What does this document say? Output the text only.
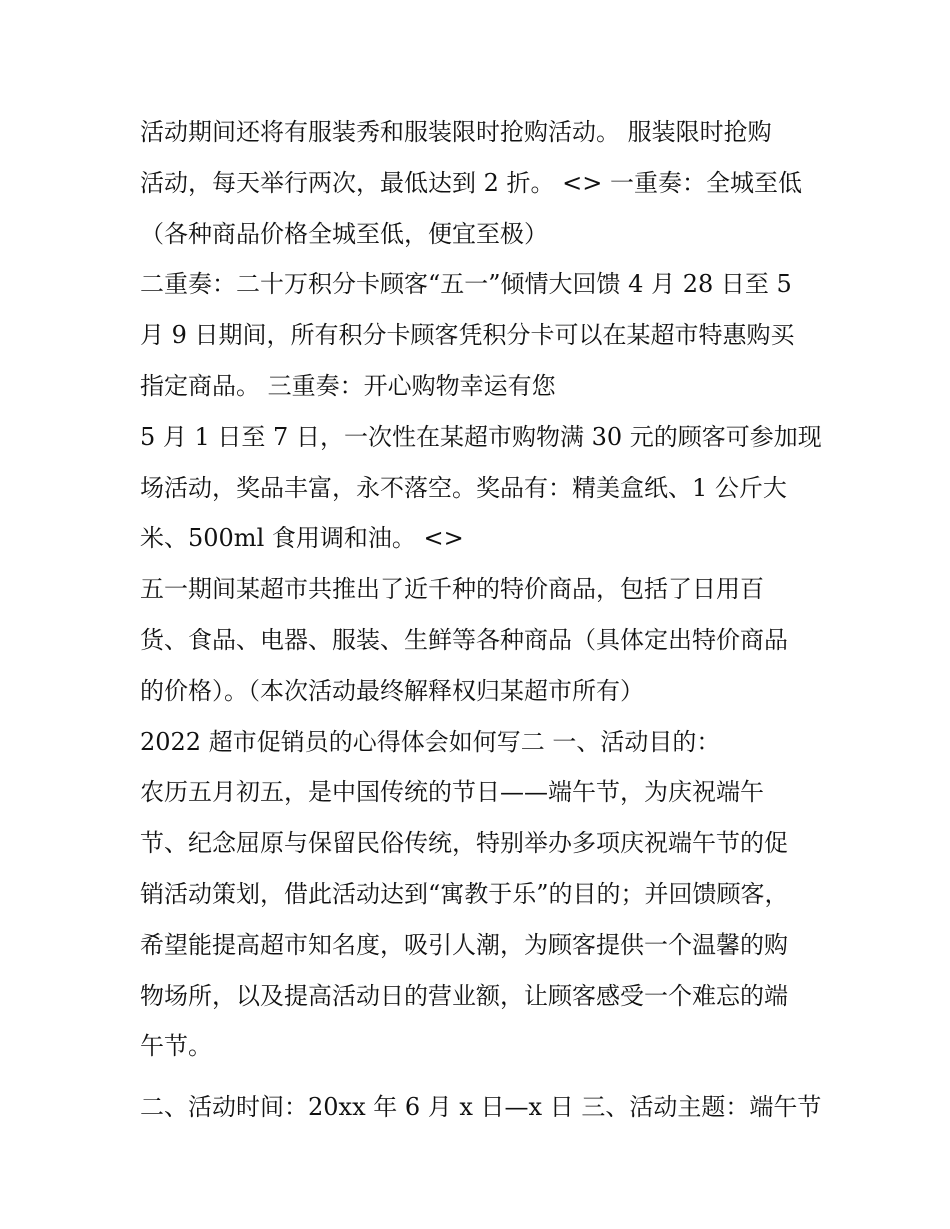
活动期间还将有服装秀和服装限时抢购活动。 服装限时抢购
活动，每天举行两次，最低达到 2 折。 <> 一重奏：全城至低
（各种商品价格全城至低，便宜至极）
二重奏：二十万积分卡顾客“五一”倾情大回馈 4 月 28 日至 5
月 9 日期间，所有积分卡顾客凭积分卡可以在某超市特惠购买
指定商品。 三重奏：开心购物幸运有您
5 月 1 日至 7 日，一次性在某超市购物满 30 元的顾客可参加现
场活动，奖品丰富，永不落空。奖品有：精美盒纸、1 公斤大
米、500ml 食用调和油。 <>
五一期间某超市共推出了近千种的特价商品，包括了日用百
货、食品、电器、服装、生鲜等各种商品（具体定出特价商品
的价格）。（本次活动最终解释权归某超市所有）
2022 超市促销员的心得体会如何写二 一、活动目的：
农历五月初五，是中国传统的节日——端午节，为庆祝端午
节、纪念屈原与保留民俗传统，特别举办多项庆祝端午节的促
销活动策划，借此活动达到“寓教于乐”的目的；并回馈顾客，
希望能提高超市知名度，吸引人潮，为顾客提供一个温馨的购
物场所，以及提高活动日的营业额，让顾客感受一个难忘的端
午节。
二、活动时间：20xx 年 6 月 x 日—x 日 三、活动主题：端午节
